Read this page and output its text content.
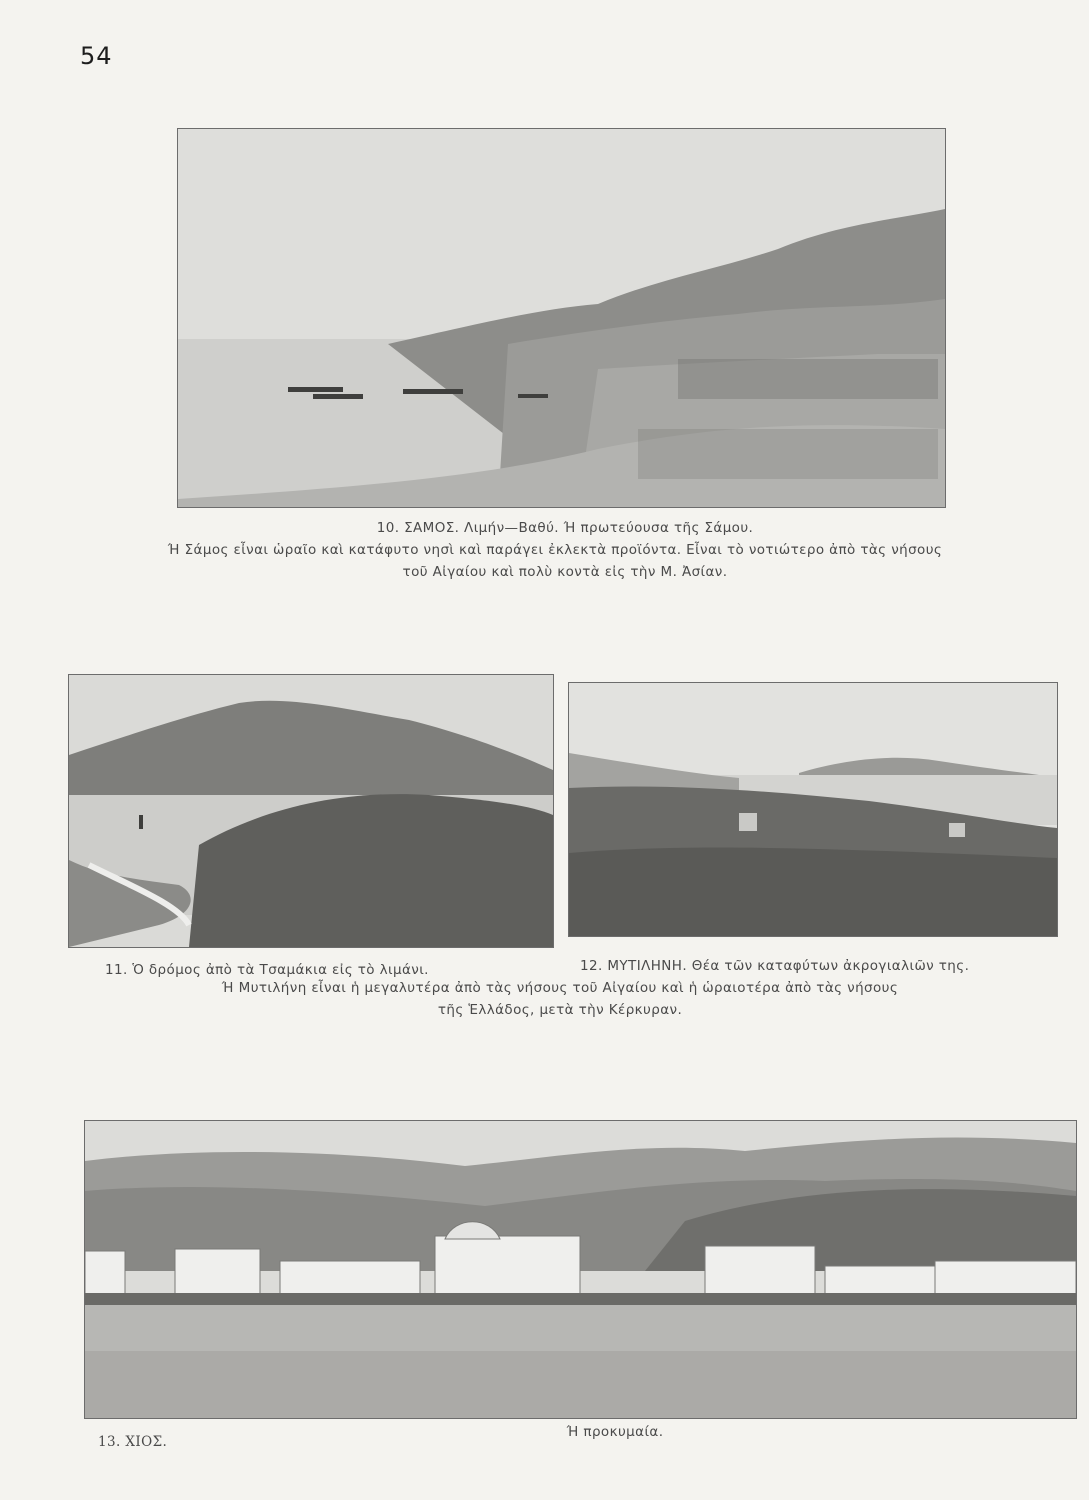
54
10. ΣΑΜΟΣ. Λιμήν—Βαθύ. Ή πρωτεύουσα τῆς Σάμου.
Ή Σάμος εἶναι ὡραῖο καὶ κατάφυτο νησὶ καὶ παράγει ἐκλεκτὰ προϊόντα. Εἶναι τὸ νοτιώτερο ἀπὸ τὰς νήσους
τοῦ Αἰγαίου καὶ πολὺ κοντὰ εἰς τὴν Μ. Ἀσίαν.
11. Ὁ δρόμος ἀπὸ τὰ Τσαμάκια εἰς τὸ λιμάνι.	12. ΜΥΤΙΛΗΝΗ. Θέα τῶν καταφύτων ἀκρογιαλιῶν της.
Ή Μυτιλήνη εἶναι ἡ μεγαλυτέρα ἀπὸ τὰς νήσους τοῦ Αἰγαίου καὶ ἡ ὡραιοτέρα ἀπὸ τὰς νήσους
τῆς Ἑλλάδος, μετὰ τὴν Κέρκυραν.
13. ΧΙΟΣ.
Ή προκυμαία.
